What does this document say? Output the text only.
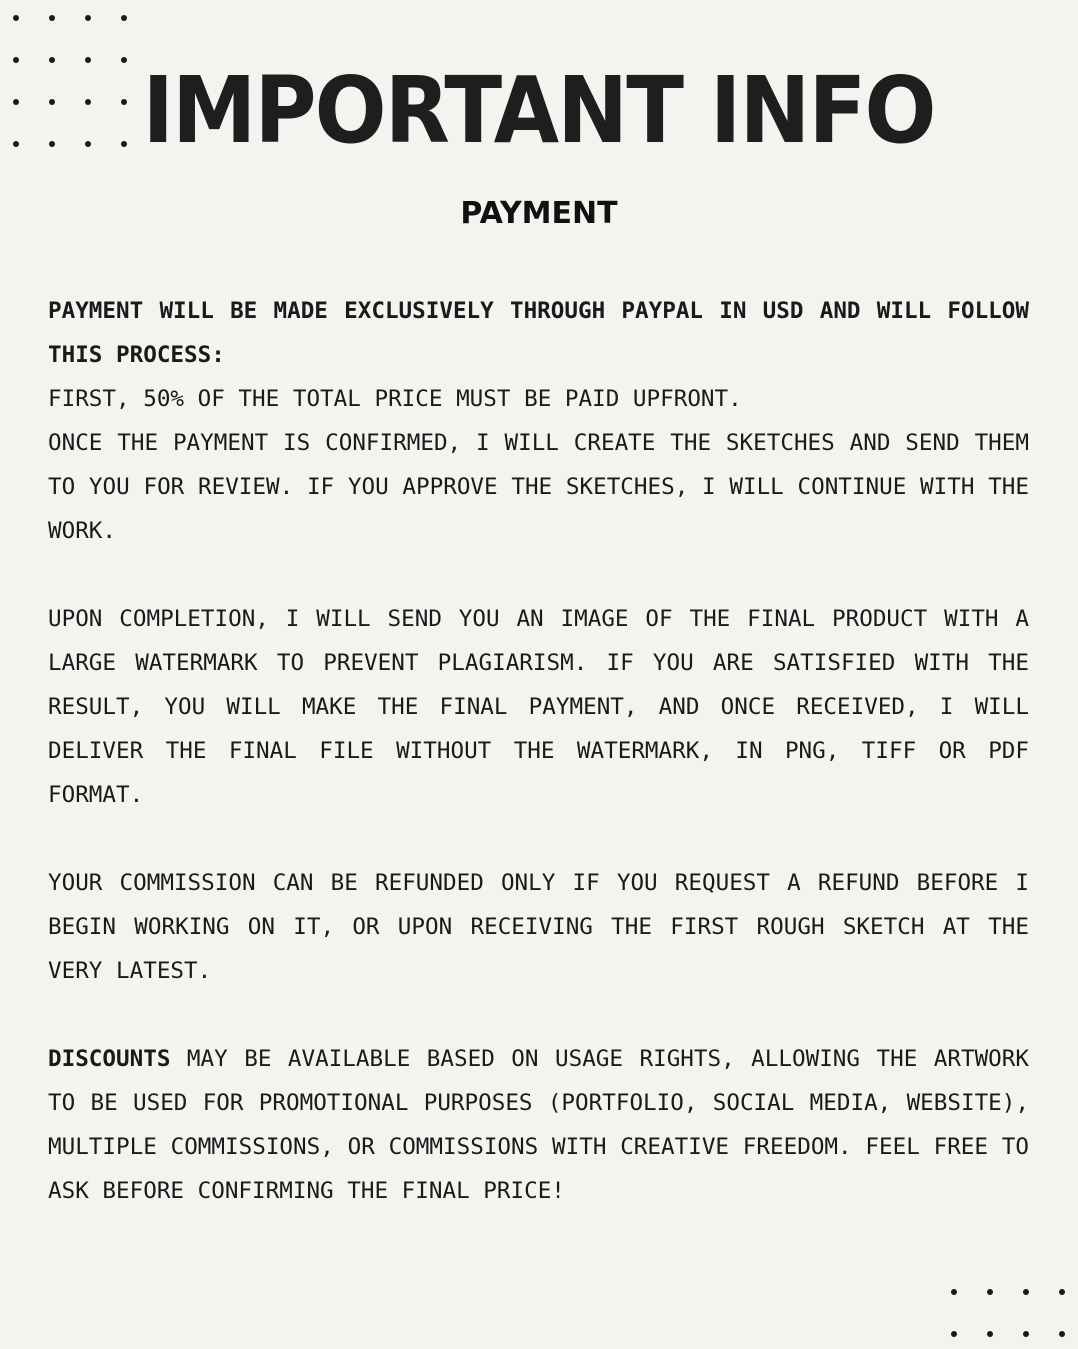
IMPORTANT INFO
PAYMENT

PAYMENT WILL BE MADE EXCLUSIVELY THROUGH PAYPAL IN USD AND WILL FOLLOW THIS PROCESS:

FIRST, 50% OF THE TOTAL PRICE MUST BE PAID UPFRONT.

ONCE THE PAYMENT IS CONFIRMED, I WILL CREATE THE SKETCHES AND SEND THEM TO YOU FOR REVIEW. IF YOU APPROVE THE SKETCHES, I WILL CONTINUE WITH THE WORK.

UPON COMPLETION, I WILL SEND YOU AN IMAGE OF THE FINAL PRODUCT WITH A LARGE WATERMARK TO PREVENT PLAGIARISM. IF YOU ARE SATISFIED WITH THE RESULT, YOU WILL MAKE THE FINAL PAYMENT, AND ONCE RECEIVED, I WILL DELIVER THE FINAL FILE WITHOUT THE WATERMARK, IN PNG, TIFF OR PDF FORMAT.

YOUR COMMISSION CAN BE REFUNDED ONLY IF YOU REQUEST A REFUND BEFORE I BEGIN WORKING ON IT, OR UPON RECEIVING THE FIRST ROUGH SKETCH AT THE VERY LATEST.

DISCOUNTS MAY BE AVAILABLE BASED ON USAGE RIGHTS, ALLOWING THE ARTWORK TO BE USED FOR PROMOTIONAL PURPOSES (PORTFOLIO, SOCIAL MEDIA, WEBSITE), MULTIPLE COMMISSIONS, OR COMMISSIONS WITH CREATIVE FREEDOM. FEEL FREE TO ASK BEFORE CONFIRMING THE FINAL PRICE!
